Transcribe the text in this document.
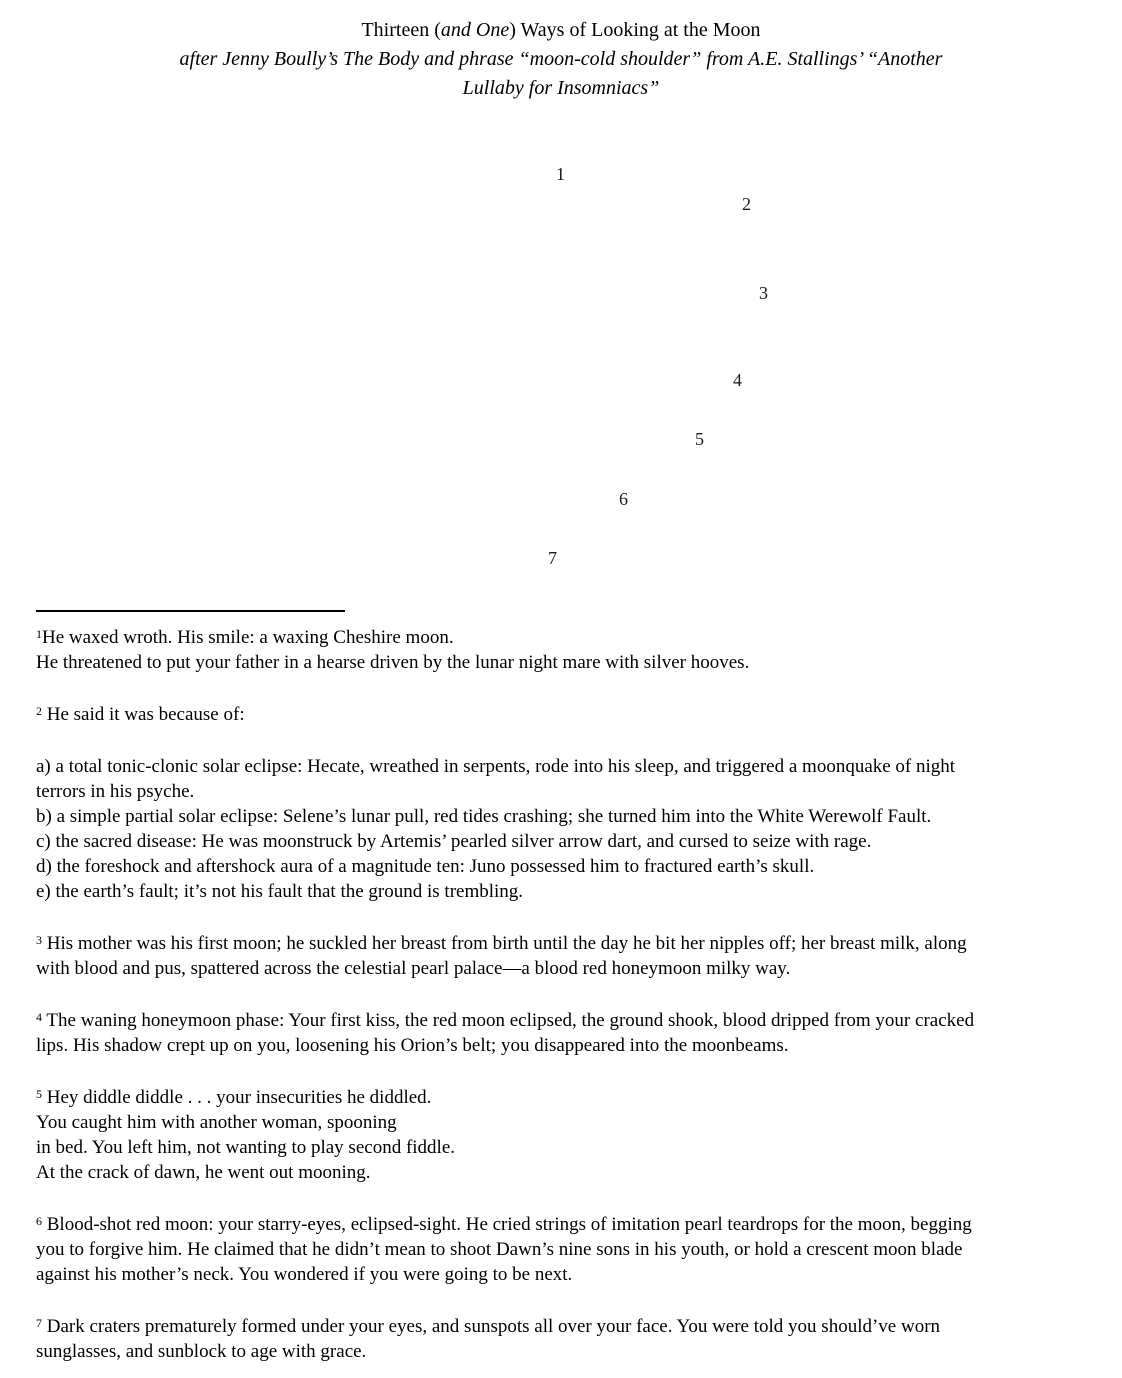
Thirteen (and One) Ways of Looking at the Moon
after Jenny Boully’s The Body and phrase “moon-cold shoulder” from A.E. Stallings’ “Another
Lullaby for Insomniacs”
1
2
3
4
5
6
7

$^1$He waxed wroth. His smile: a waxing Cheshire moon.
He threatened to put your father in a hearse driven by the lunar night mare with silver hooves.

$^2$ He said it was because of:

a) a total tonic-clonic solar eclipse: Hecate, wreathed in serpents, rode into his sleep, and triggered a moonquake of night
terrors in his psyche.
b) a simple partial solar eclipse: Selene’s lunar pull, red tides crashing; she turned him into the White Werewolf Fault.
c) the sacred disease: He was moonstruck by Artemis’ pearled silver arrow dart, and cursed to seize with rage.
d) the foreshock and aftershock aura of a magnitude ten: Juno possessed him to fractured earth’s skull.
e) the earth’s fault; it’s not his fault that the ground is trembling.

$^3$ His mother was his first moon; he suckled her breast from birth until the day he bit her nipples off; her breast milk, along
with blood and pus, spattered across the celestial pearl palace—a blood red honeymoon milky way.

$^4$ The waning honeymoon phase: Your first kiss, the red moon eclipsed, the ground shook, blood dripped from your cracked
lips. His shadow crept up on you, loosening his Orion’s belt; you disappeared into the moonbeams.

$^5$ Hey diddle diddle . . . your insecurities he diddled.
You caught him with another woman, spooning
in bed. You left him, not wanting to play second fiddle.
At the crack of dawn, he went out mooning.

$^6$ Blood-shot red moon: your starry-eyes, eclipsed-sight. He cried strings of imitation pearl teardrops for the moon, begging
you to forgive him. He claimed that he didn’t mean to shoot Dawn’s nine sons in his youth, or hold a crescent moon blade
against his mother’s neck. You wondered if you were going to be next.

$^7$ Dark craters prematurely formed under your eyes, and sunspots all over your face. You were told you should’ve worn
sunglasses, and sunblock to age with grace.
